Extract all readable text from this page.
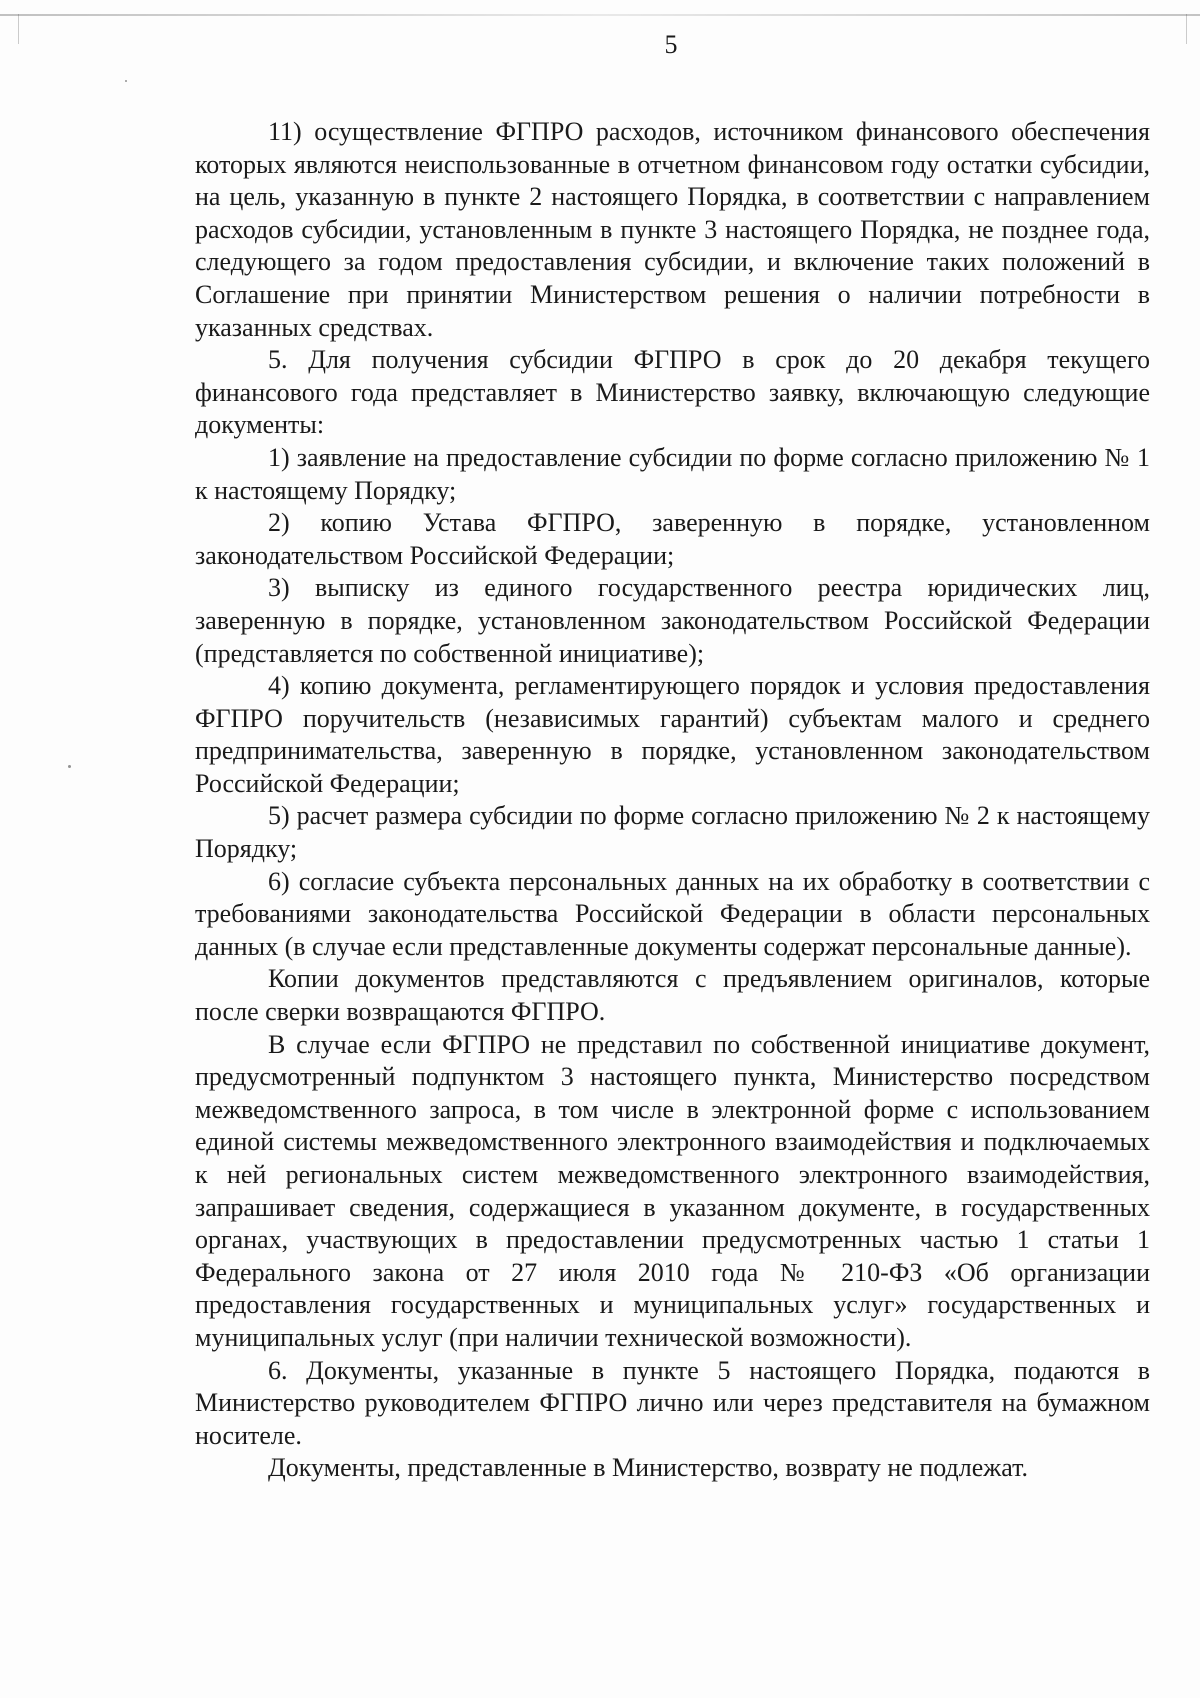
5

11) осуществление ФГПРО расходов, источником финансового обеспечения которых являются неиспользованные в отчетном финансовом году остатки субсидии, на цель, указанную в пункте 2 настоящего Порядка, в соответствии с направлением расходов субсидии, установленным в пункте 3 настоящего Порядка, не позднее года, следующего за годом предоставления субсидии, и включение таких положений в Соглашение при принятии Министерством решения о наличии потребности в указанных средствах.

5. Для получения субсидии ФГПРО в срок до 20 декабря текущего финансового года представляет в Министерство заявку, включающую следующие документы:

1) заявление на предоставление субсидии по форме согласно приложению № 1 к настоящему Порядку;

2) копию Устава ФГПРО, заверенную в порядке, установленном законодательством Российской Федерации;

3) выписку из единого государственного реестра юридических лиц, заверенную в порядке, установленном законодательством Российской Федерации (представляется по собственной инициативе);

4) копию документа, регламентирующего порядок и условия предоставления ФГПРО поручительств (независимых гарантий) субъектам малого и среднего предпринимательства, заверенную в порядке, установленном законодательством Российской Федерации;

5) расчет размера субсидии по форме согласно приложению № 2 к настоящему Порядку;

6) согласие субъекта персональных данных на их обработку в соответствии с требованиями законодательства Российской Федерации в области персональных данных (в случае если представленные документы содержат персональные данные).

Копии документов представляются с предъявлением оригиналов, которые после сверки возвращаются ФГПРО.

В случае если ФГПРО не представил по собственной инициативе документ, предусмотренный подпунктом 3 настоящего пункта, Министерство посредством межведомственного запроса, в том числе в электронной форме с использованием единой системы межведомственного электронного взаимодействия и подключаемых к ней региональных систем межведомственного электронного взаимодействия, запрашивает сведения, содержащиеся в указанном документе, в государственных органах, участвующих в предоставлении предусмотренных частью 1 статьи 1 Федерального закона от 27 июля 2010 года № 210-ФЗ «Об организации предоставления государственных и муниципальных услуг» государственных и муниципальных услуг (при наличии технической возможности).

6. Документы, указанные в пункте 5 настоящего Порядка, подаются в Министерство руководителем ФГПРО лично или через представителя на бумажном носителе.

Документы, представленные в Министерство, возврату не подлежат.
